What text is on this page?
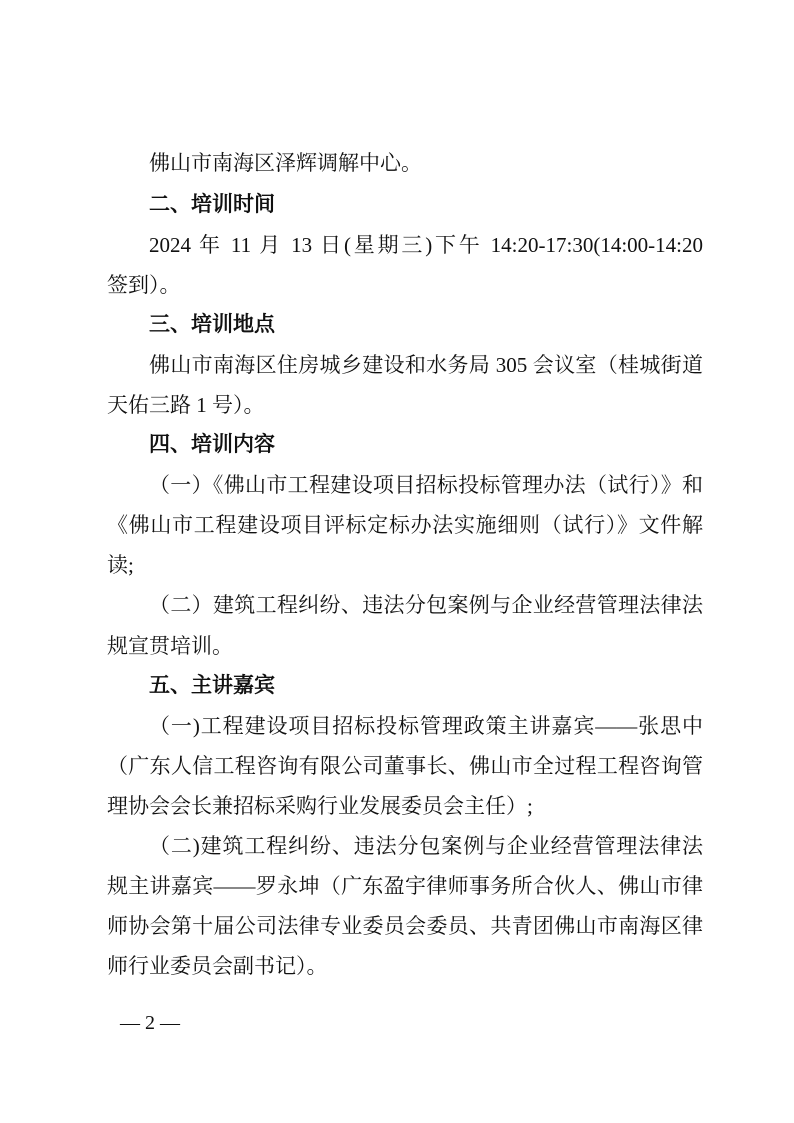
佛山市南海区泽辉调解中心。
二、培训时间
2024 年 11 月 13 日(星期三)下午 14:20-17:30(14:00-14:20
签到）。
三、培训地点
佛山市南海区住房城乡建设和水务局 305 会议室（桂城街道
天佑三路 1 号）。
四、培训内容
（一）《佛山市工程建设项目招标投标管理办法（试行）》和
《佛山市工程建设项目评标定标办法实施细则（试行）》文件解
读;
（二）建筑工程纠纷、违法分包案例与企业经营管理法律法
规宣贯培训。
五、主讲嘉宾
（一)工程建设项目招标投标管理政策主讲嘉宾——张思中
（广东人信工程咨询有限公司董事长、佛山市全过程工程咨询管
理协会会长兼招标采购行业发展委员会主任）;
（二)建筑工程纠纷、违法分包案例与企业经营管理法律法
规主讲嘉宾——罗永坤（广东盈宇律师事务所合伙人、佛山市律
师协会第十届公司法律专业委员会委员、共青团佛山市南海区律
师行业委员会副书记）。
— 2 —
